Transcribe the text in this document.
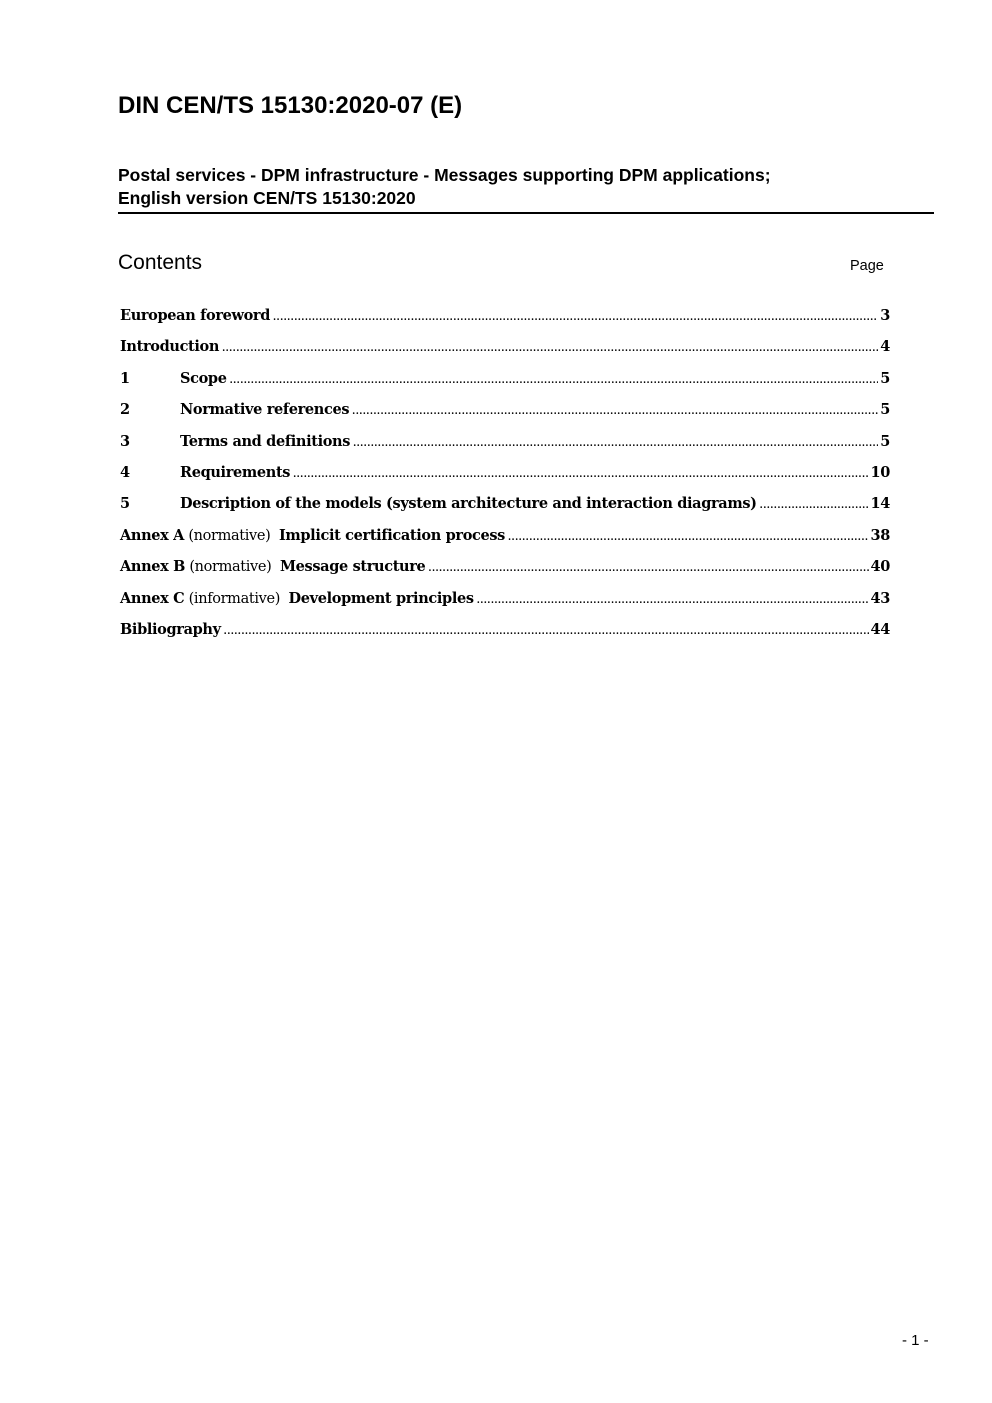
DIN CEN/TS 15130:2020-07 (E)
Postal services - DPM infrastructure - Messages supporting DPM applications;
English version CEN/TS 15130:2020
Contents	Page
European foreword .....	3
Introduction .....	4
1	Scope .....	5
2	Normative references .....	5
3	Terms and definitions .....	5
4	Requirements .....	10
5	Description of the models (system architecture and interaction diagrams) .....	14
Annex A (normative) Implicit certification process .....	38
Annex B (normative) Message structure .....	40
Annex C (informative) Development principles .....	43
Bibliography .....	44
- 1 -
